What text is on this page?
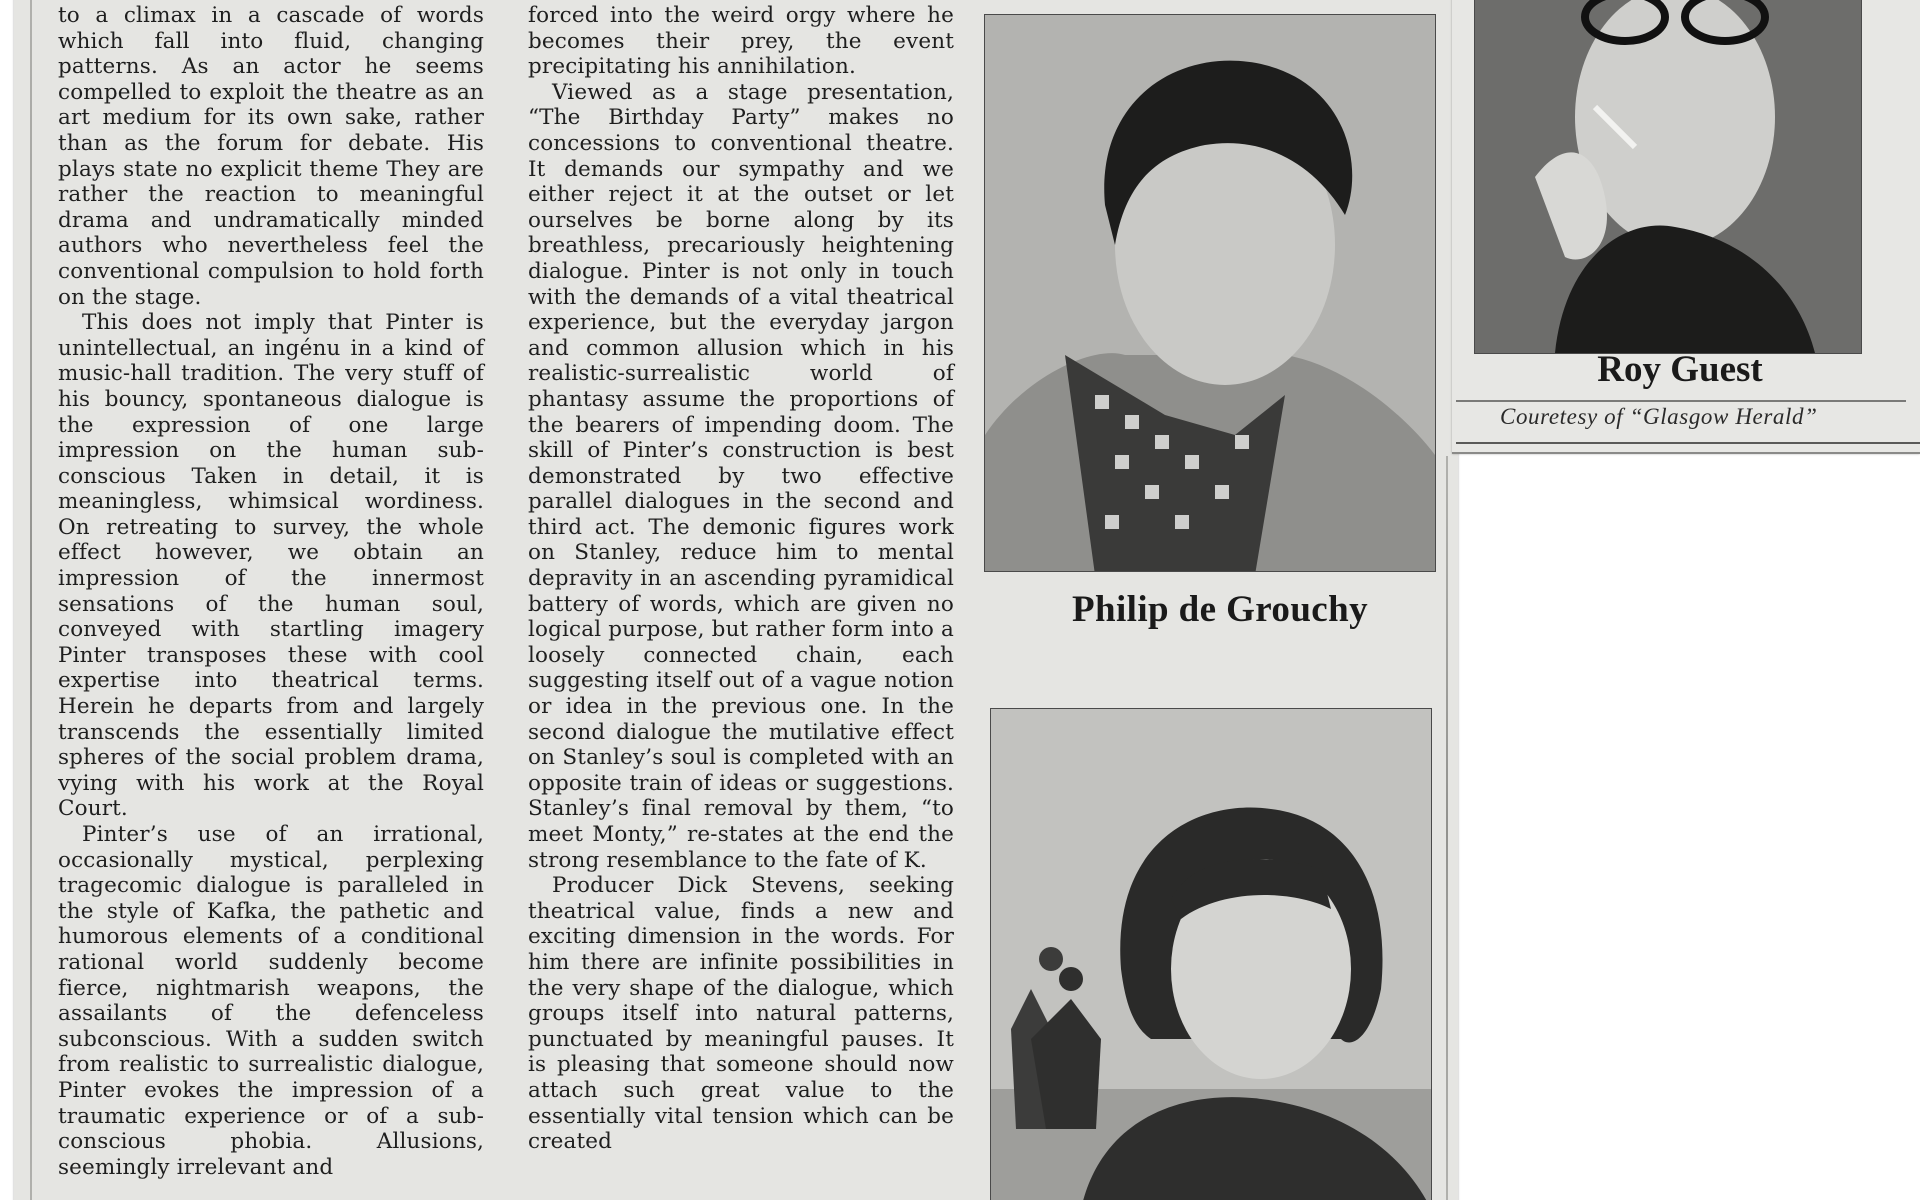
to a climax in a cascade of words which fall into fluid, changing patterns. As an actor he seems compelled to exploit the theatre as an art medium for its own sake, rather than as the forum for debate. His plays state no explicit theme They are rather the reaction to meaningful drama and undramatically minded authors who nevertheless feel the conventional compulsion to hold forth on the stage.

This does not imply that Pinter is unintellectual, an ingénu in a kind of music-hall tradition. The very stuff of his bouncy, spontaneous dialogue is the expression of one large impression on the human sub-conscious Taken in detail, it is meaningless, whimsical wordiness. On retreating to survey, the whole effect however, we obtain an impression of the innermost sensations of the human soul, conveyed with startling imagery Pinter transposes these with cool expertise into theatrical terms. Herein he departs from and largely transcends the essentially limited spheres of the social problem drama, vying with his work at the Royal Court.

Pinter’s use of an irrational, occasionally mystical, perplexing tragecomic dialogue is paralleled in the style of Kafka, the pathetic and humorous elements of a conditional rational world suddenly become fierce, nightmarish weapons, the assailants of the defenceless subconscious. With a sudden switch from realistic to surrealistic dialogue, Pinter evokes the impression of a traumatic experience or of a sub-conscious phobia. Allusions, seemingly irrelevant and

forced into the weird orgy where he becomes their prey, the event precipitating his annihilation.

Viewed as a stage presentation, “The Birthday Party” makes no concessions to conventional theatre. It demands our sympathy and we either reject it at the outset or let ourselves be borne along by its breathless, precariously heightening dialogue. Pinter is not only in touch with the demands of a vital theatrical experience, but the everyday jargon and common allusion which in his realistic-surrealistic world of phantasy assume the proportions of the bearers of impending doom. The skill of Pinter’s construction is best demonstrated by two effective parallel dialogues in the second and third act. The demonic figures work on Stanley, reduce him to mental depravity in an ascending pyramidical battery of words, which are given no logical purpose, but rather form into a loosely connected chain, each suggesting itself out of a vague notion or idea in the previous one. In the second dialogue the mutilative effect on Stanley’s soul is completed with an opposite train of ideas or suggestions. Stanley’s final removal by them, “to meet Monty,” re-states at the end the strong resemblance to the fate of K.

Producer Dick Stevens, seeking theatrical value, finds a new and exciting dimension in the words. For him there are infinite possibilities in the very shape of the dialogue, which groups itself into natural patterns, punctuated by meaningful pauses. It is pleasing that someone should now attach such great value to the essentially vital tension which can be created

Roy Guest
Couretesy of “Glasgow Herald”
Philip de Grouchy
